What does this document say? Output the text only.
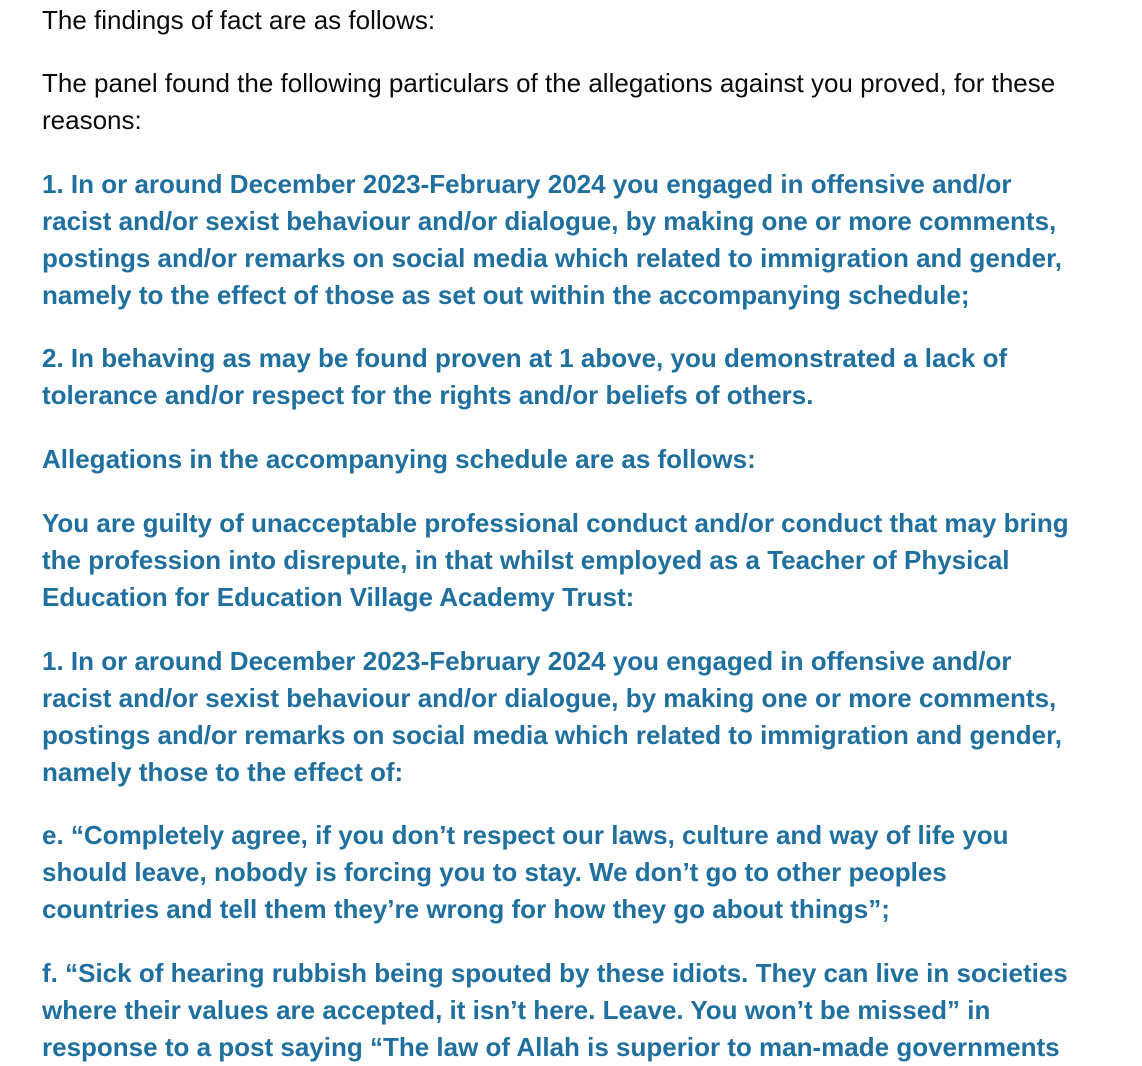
The findings of fact are as follows:

The panel found the following particulars of the allegations against you proved, for these
reasons:

1. In or around December 2023-February 2024 you engaged in offensive and/or
racist and/or sexist behaviour and/or dialogue, by making one or more comments,
postings and/or remarks on social media which related to immigration and gender,
namely to the effect of those as set out within the accompanying schedule;

2. In behaving as may be found proven at 1 above, you demonstrated a lack of
tolerance and/or respect for the rights and/or beliefs of others.

Allegations in the accompanying schedule are as follows:

You are guilty of unacceptable professional conduct and/or conduct that may bring
the profession into disrepute, in that whilst employed as a Teacher of Physical
Education for Education Village Academy Trust:

1. In or around December 2023-February 2024 you engaged in offensive and/or
racist and/or sexist behaviour and/or dialogue, by making one or more comments,
postings and/or remarks on social media which related to immigration and gender,
namely those to the effect of:

e. “Completely agree, if you don’t respect our laws, culture and way of life you
should leave, nobody is forcing you to stay. We don’t go to other peoples
countries and tell them they’re wrong for how they go about things”;

f. “Sick of hearing rubbish being spouted by these idiots. They can live in societies
where their values are accepted, it isn’t here. Leave. You won’t be missed” in
response to a post saying “The law of Allah is superior to man-made governments
